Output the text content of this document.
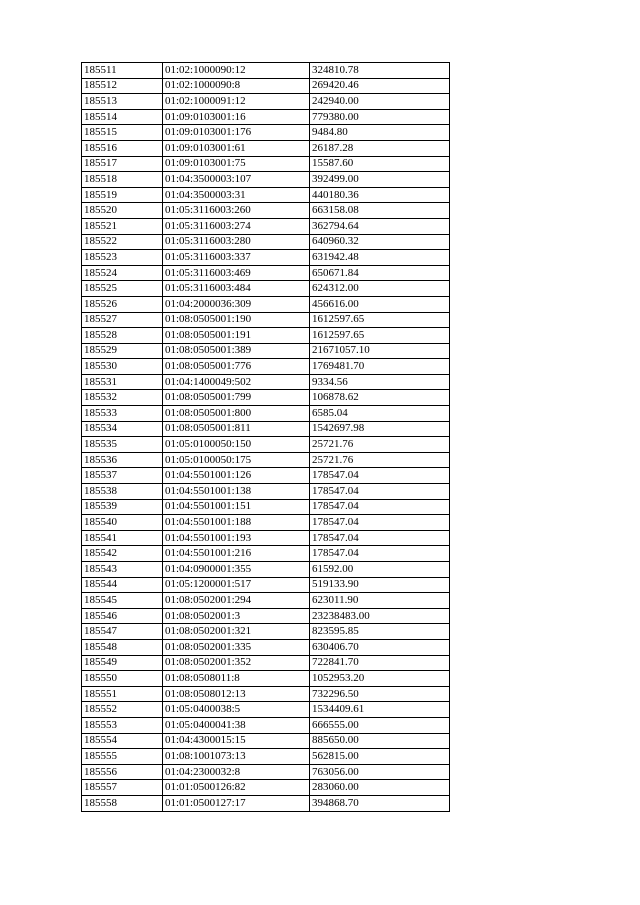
185511	01:02:1000090:12	324810.78
185512	01:02:1000090:8	269420.46
185513	01:02:1000091:12	242940.00
185514	01:09:0103001:16	779380.00
185515	01:09:0103001:176	9484.80
185516	01:09:0103001:61	26187.28
185517	01:09:0103001:75	15587.60
185518	01:04:3500003:107	392499.00
185519	01:04:3500003:31	440180.36
185520	01:05:3116003:260	663158.08
185521	01:05:3116003:274	362794.64
185522	01:05:3116003:280	640960.32
185523	01:05:3116003:337	631942.48
185524	01:05:3116003:469	650671.84
185525	01:05:3116003:484	624312.00
185526	01:04:2000036:309	456616.00
185527	01:08:0505001:190	1612597.65
185528	01:08:0505001:191	1612597.65
185529	01:08:0505001:389	21671057.10
185530	01:08:0505001:776	1769481.70
185531	01:04:1400049:502	9334.56
185532	01:08:0505001:799	106878.62
185533	01:08:0505001:800	6585.04
185534	01:08:0505001:811	1542697.98
185535	01:05:0100050:150	25721.76
185536	01:05:0100050:175	25721.76
185537	01:04:5501001:126	178547.04
185538	01:04:5501001:138	178547.04
185539	01:04:5501001:151	178547.04
185540	01:04:5501001:188	178547.04
185541	01:04:5501001:193	178547.04
185542	01:04:5501001:216	178547.04
185543	01:04:0900001:355	61592.00
185544	01:05:1200001:517	519133.90
185545	01:08:0502001:294	623011.90
185546	01:08:0502001:3	23238483.00
185547	01:08:0502001:321	823595.85
185548	01:08:0502001:335	630406.70
185549	01:08:0502001:352	722841.70
185550	01:08:0508011:8	1052953.20
185551	01:08:0508012:13	732296.50
185552	01:05:0400038:5	1534409.61
185553	01:05:0400041:38	666555.00
185554	01:04:4300015:15	885650.00
185555	01:08:1001073:13	562815.00
185556	01:04:2300032:8	763056.00
185557	01:01:0500126:82	283060.00
185558	01:01:0500127:17	394868.70
